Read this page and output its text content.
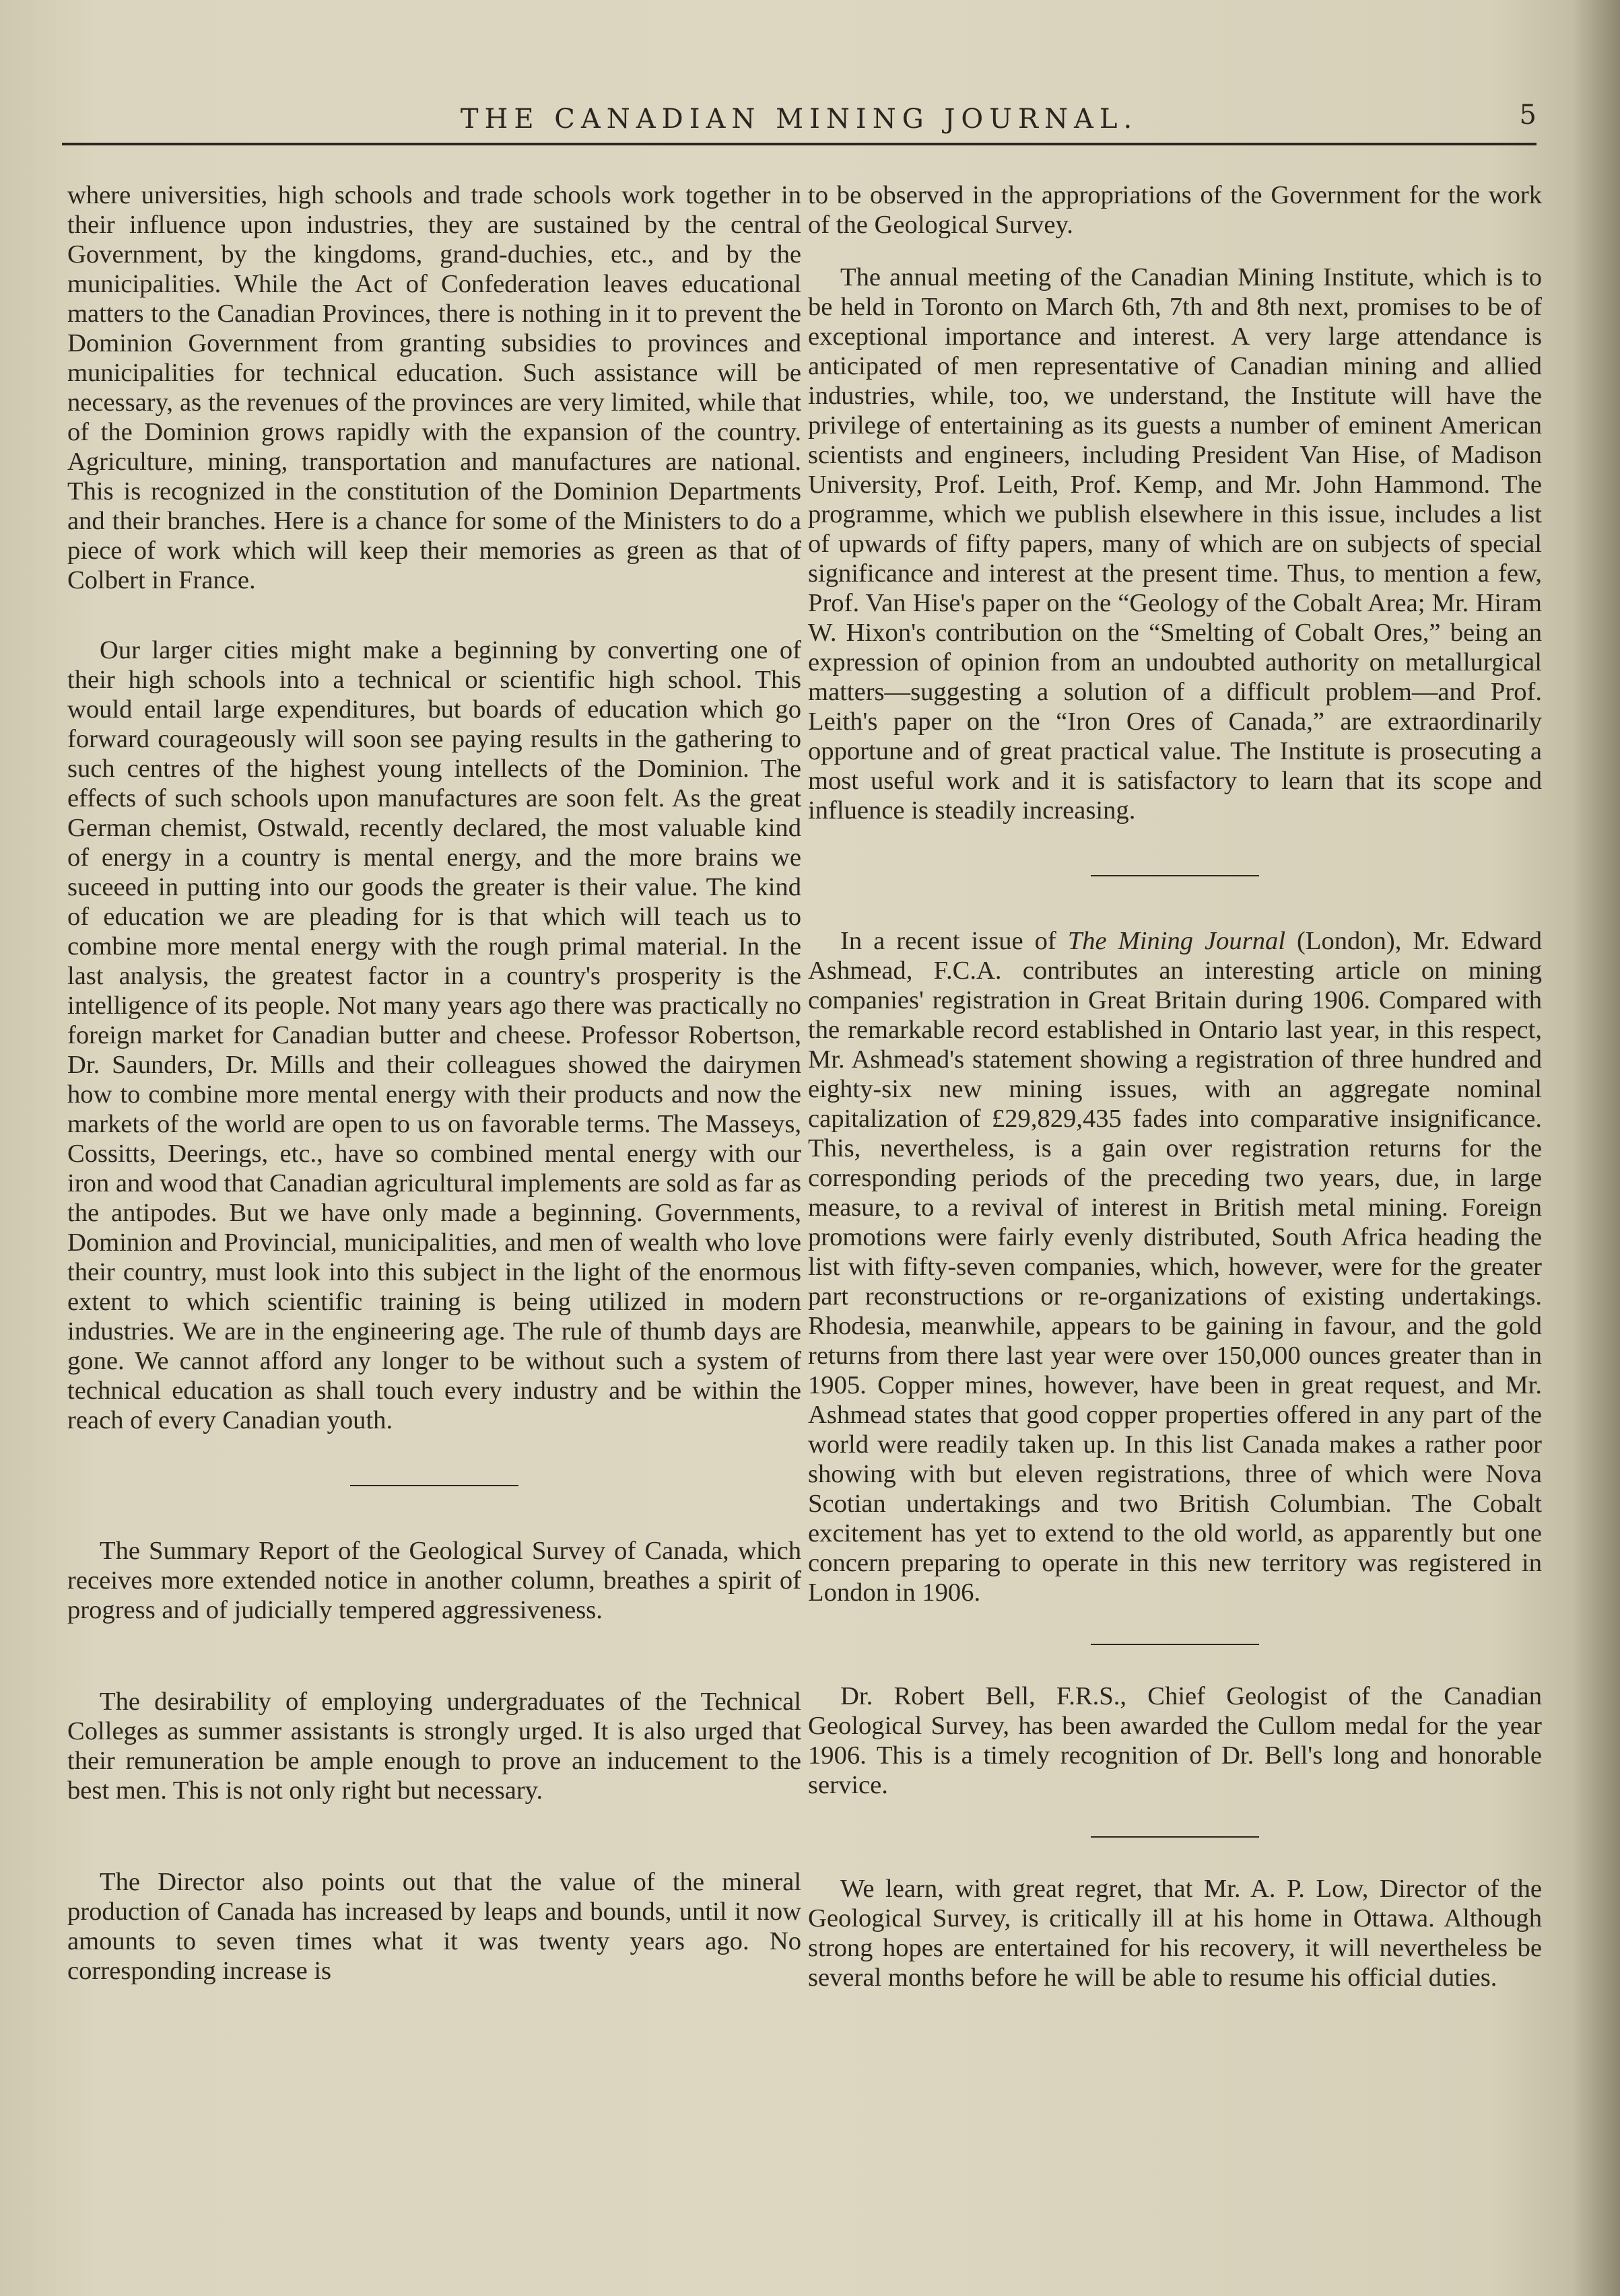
THE CANADIAN MINING JOURNAL.	5

where universities, high schools and trade schools work together in their influence upon industries, they are sustained by the central Government, by the kingdoms, grand-duchies, etc., and by the municipalities. While the Act of Confederation leaves educational matters to the Canadian Provinces, there is nothing in it to prevent the Dominion Government from granting subsidies to provinces and municipalities for technical education. Such assistance will be necessary, as the revenues of the provinces are very limited, while that of the Dominion grows rapidly with the expansion of the country. Agriculture, mining, transportation and manufactures are national. This is recognized in the constitution of the Dominion Departments and their branches. Here is a chance for some of the Ministers to do a piece of work which will keep their memories as green as that of Colbert in France.

Our larger cities might make a beginning by converting one of their high schools into a technical or scientific high school. This would entail large expenditures, but boards of education which go forward courageously will soon see paying results in the gathering to such centres of the highest young intellects of the Dominion. The effects of such schools upon manufactures are soon felt. As the great German chemist, Ostwald, recently declared, the most valuable kind of energy in a country is mental energy, and the more brains we suceeed in putting into our goods the greater is their value. The kind of education we are pleading for is that which will teach us to combine more mental energy with the rough primal material. In the last analysis, the greatest factor in a country's prosperity is the intelligence of its people. Not many years ago there was practically no foreign market for Canadian butter and cheese. Professor Robertson, Dr. Saunders, Dr. Mills and their colleagues showed the dairymen how to combine more mental energy with their products and now the markets of the world are open to us on favorable terms. The Masseys, Cossitts, Deerings, etc., have so combined mental energy with our iron and wood that Canadian agricultural implements are sold as far as the antipodes. But we have only made a beginning. Governments, Dominion and Provincial, municipalities, and men of wealth who love their country, must look into this subject in the light of the enormous extent to which scientific training is being utilized in modern industries. We are in the engineering age. The rule of thumb days are gone. We cannot afford any longer to be without such a system of technical education as shall touch every industry and be within the reach of every Canadian youth.

The Summary Report of the Geological Survey of Canada, which receives more extended notice in another column, breathes a spirit of progress and of judicially tempered aggressiveness.

The desirability of employing undergraduates of the Technical Colleges as summer assistants is strongly urged. It is also urged that their remuneration be ample enough to prove an inducement to the best men. This is not only right but necessary.

The Director also points out that the value of the mineral production of Canada has increased by leaps and bounds, until it now amounts to seven times what it was twenty years ago. No corresponding increase is

to be observed in the appropriations of the Government for the work of the Geological Survey.

The annual meeting of the Canadian Mining Institute, which is to be held in Toronto on March 6th, 7th and 8th next, promises to be of exceptional importance and interest. A very large attendance is anticipated of men representative of Canadian mining and allied industries, while, too, we understand, the Institute will have the privilege of entertaining as its guests a number of eminent American scientists and engineers, including President Van Hise, of Madison University, Prof. Leith, Prof. Kemp, and Mr. John Hammond. The programme, which we publish elsewhere in this issue, includes a list of upwards of fifty papers, many of which are on subjects of special significance and interest at the present time. Thus, to mention a few, Prof. Van Hise's paper on the “Geology of the Cobalt Area; Mr. Hiram W. Hixon's contribution on the “Smelting of Cobalt Ores,” being an expression of opinion from an undoubted authority on metallurgical matters—suggesting a solution of a difficult problem—and Prof. Leith's paper on the “Iron Ores of Canada,” are extraordinarily opportune and of great practical value. The Institute is prosecuting a most useful work and it is satisfactory to learn that its scope and influence is steadily increasing.

In a recent issue of The Mining Journal (London), Mr. Edward Ashmead, F.C.A. contributes an interesting article on mining companies' registration in Great Britain during 1906. Compared with the remarkable record established in Ontario last year, in this respect, Mr. Ashmead's statement showing a registration of three hundred and eighty-six new mining issues, with an aggregate nominal capitalization of £29,829,435 fades into comparative insignificance. This, nevertheless, is a gain over registration returns for the corresponding periods of the preceding two years, due, in large measure, to a revival of interest in British metal mining. Foreign promotions were fairly evenly distributed, South Africa heading the list with fifty-seven companies, which, however, were for the greater part reconstructions or re-organizations of existing undertakings. Rhodesia, meanwhile, appears to be gaining in favour, and the gold returns from there last year were over 150,000 ounces greater than in 1905. Copper mines, however, have been in great request, and Mr. Ashmead states that good copper properties offered in any part of the world were readily taken up. In this list Canada makes a rather poor showing with but eleven registrations, three of which were Nova Scotian undertakings and two British Columbian. The Cobalt excitement has yet to extend to the old world, as apparently but one concern preparing to operate in this new territory was registered in London in 1906.

Dr. Robert Bell, F.R.S., Chief Geologist of the Canadian Geological Survey, has been awarded the Cullom medal for the year 1906. This is a timely recognition of Dr. Bell's long and honorable service.

We learn, with great regret, that Mr. A. P. Low, Director of the Geological Survey, is critically ill at his home in Ottawa. Although strong hopes are entertained for his recovery, it will nevertheless be several months before he will be able to resume his official duties.
